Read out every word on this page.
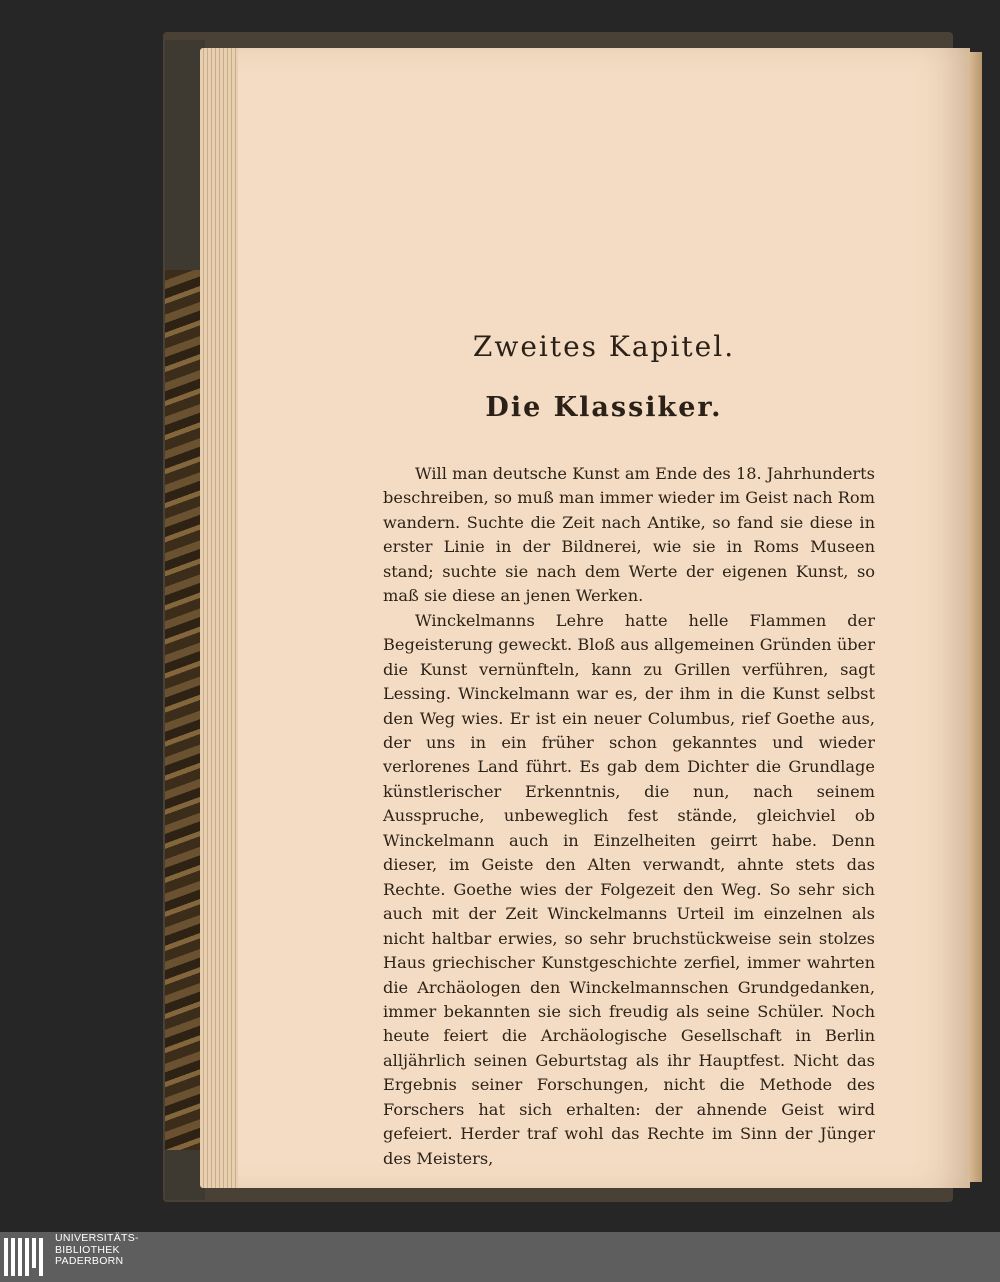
Zweites Kapitel.
Die Klassiker.

Will man deutsche Kunst am Ende des 18. Jahrhunderts beschreiben, so muß man immer wieder im Geist nach Rom wandern. Suchte die Zeit nach Antike, so fand sie diese in erster Linie in der Bildnerei, wie sie in Roms Museen stand; suchte sie nach dem Werte der eigenen Kunst, so maß sie diese an jenen Werken.

Winckelmanns Lehre hatte helle Flammen der Begeisterung geweckt. Bloß aus allgemeinen Gründen über die Kunst vernünfteln, kann zu Grillen verführen, sagt Lessing. Winckelmann war es, der ihm in die Kunst selbst den Weg wies. Er ist ein neuer Columbus, rief Goethe aus, der uns in ein früher schon gekanntes und wieder verlorenes Land führt. Es gab dem Dichter die Grundlage künstlerischer Erkenntnis, die nun, nach seinem Ausspruche, unbeweglich fest stände, gleichviel ob Winckelmann auch in Einzelheiten geirrt habe. Denn dieser, im Geiste den Alten verwandt, ahnte stets das Rechte. Goethe wies der Folgezeit den Weg. So sehr sich auch mit der Zeit Winckelmanns Urteil im einzelnen als nicht haltbar erwies, so sehr bruchstückweise sein stolzes Haus griechischer Kunstgeschichte zerfiel, immer wahrten die Archäologen den Winckelmannschen Grundgedanken, immer bekannten sie sich freudig als seine Schüler. Noch heute feiert die Archäologische Gesellschaft in Berlin alljährlich seinen Geburtstag als ihr Hauptfest. Nicht das Ergebnis seiner Forschungen, nicht die Methode des Forschers hat sich erhalten: der ahnende Geist wird gefeiert. Herder traf wohl das Rechte im Sinn der Jünger des Meisters,

UNIVERSITÄTS-
BIBLIOTHEK
PADERBORN
